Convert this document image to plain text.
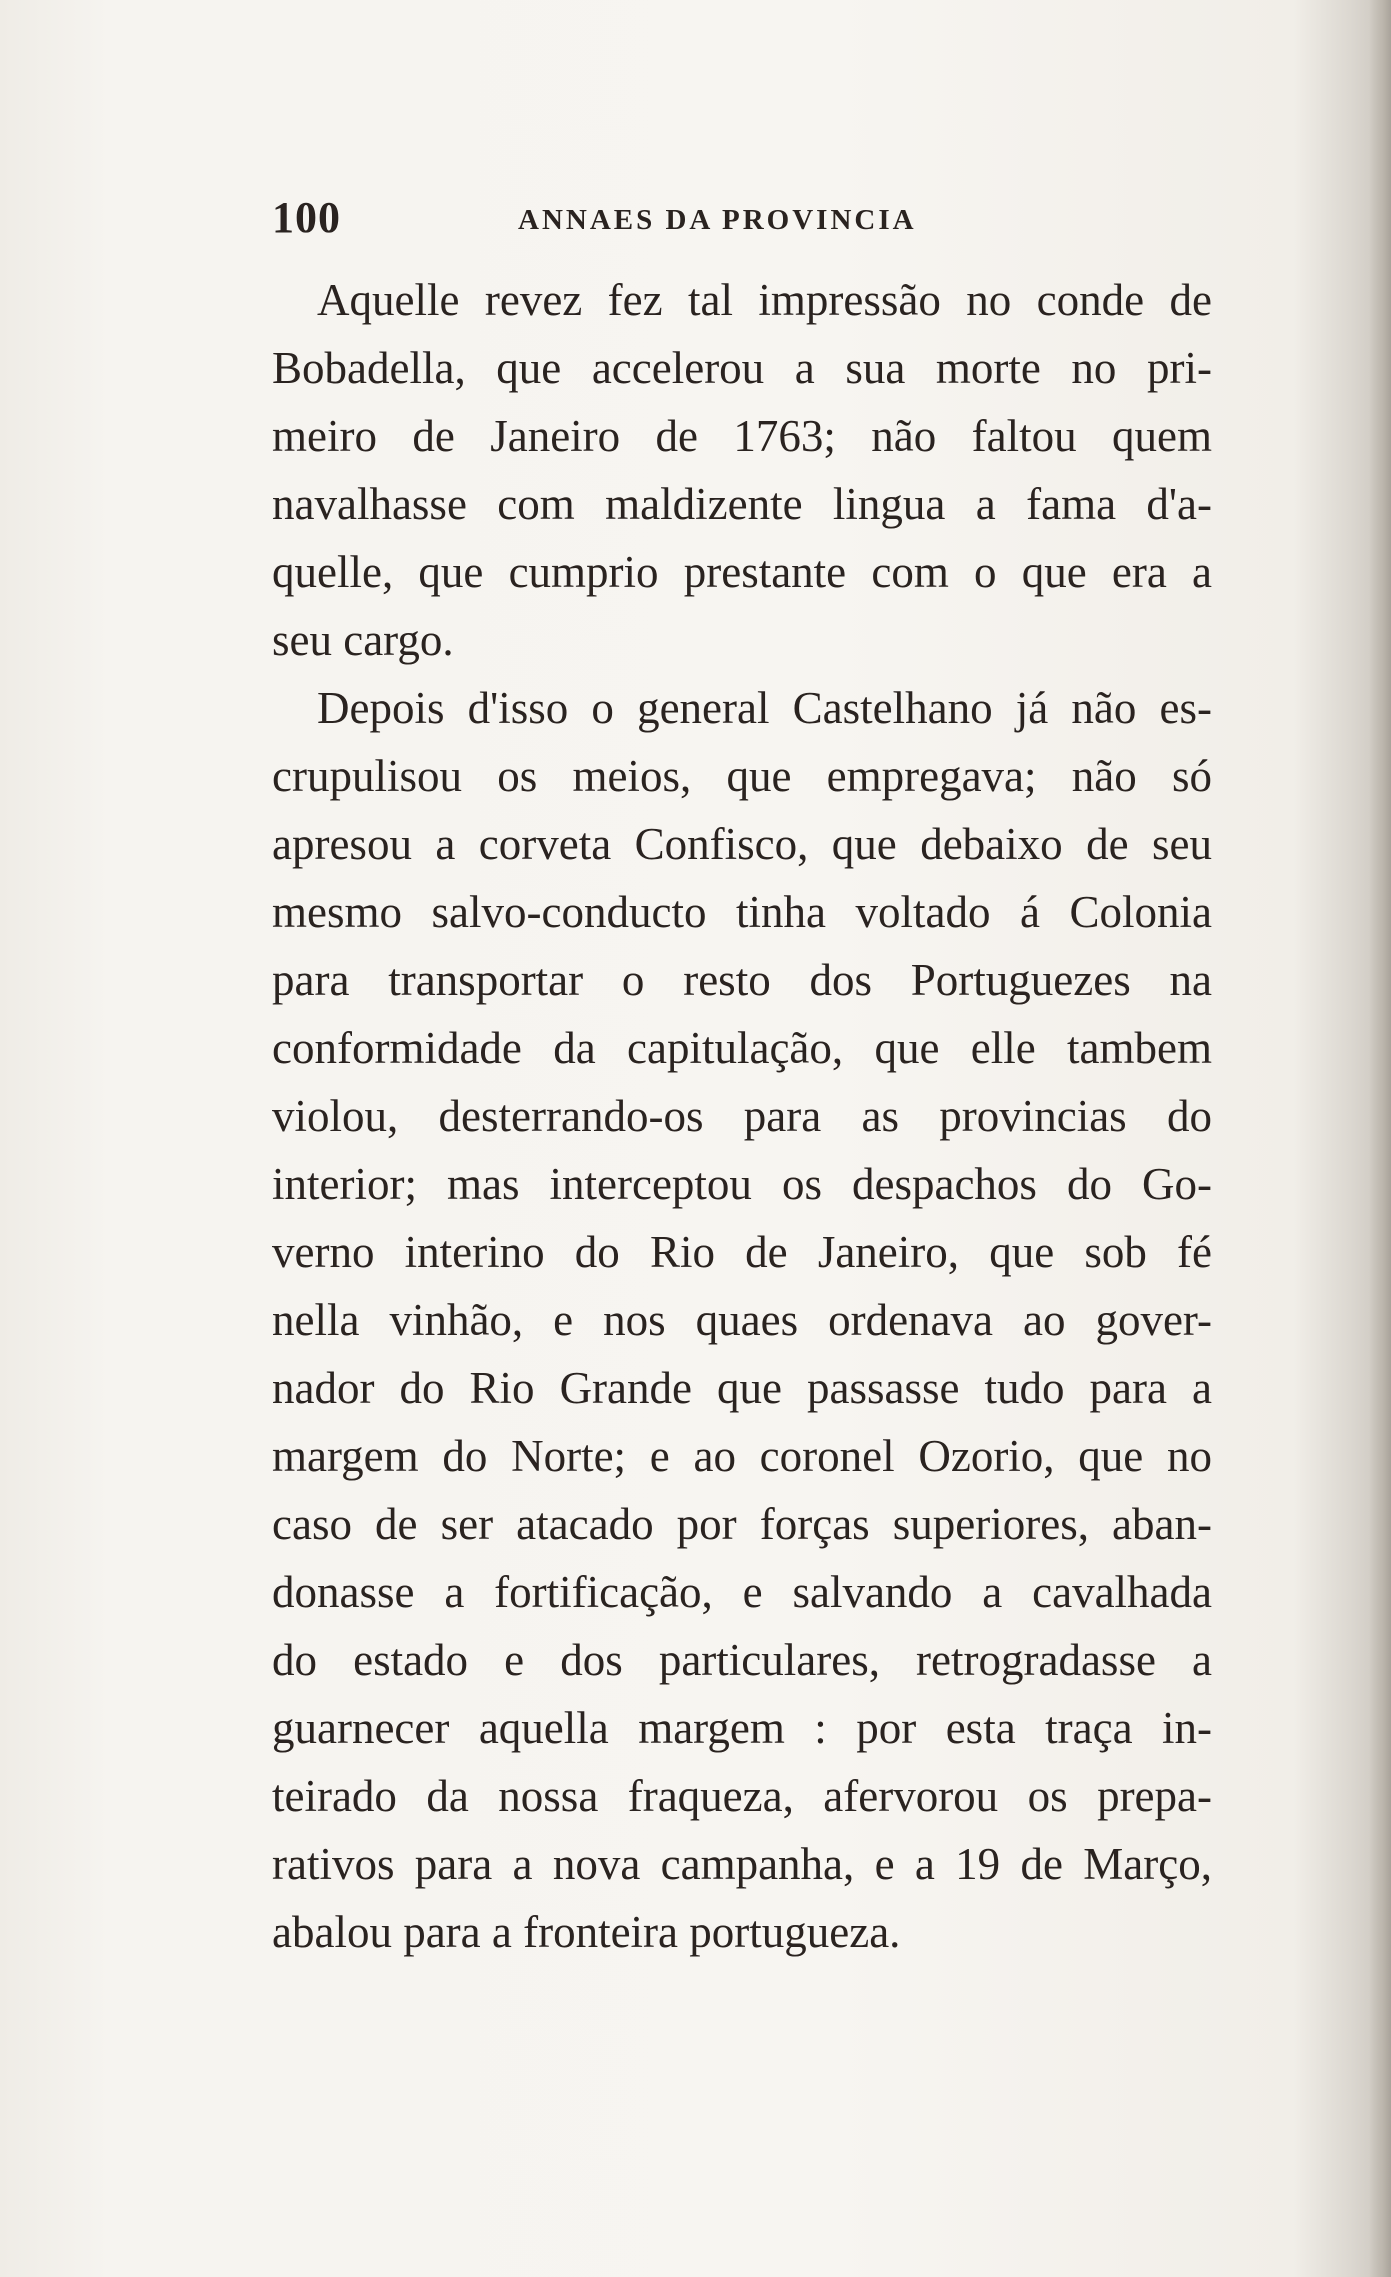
100	ANNAES DA PROVINCIA
Aquelle revez fez tal impressão no conde de
Bobadella, que accelerou a sua morte no pri-
meiro de Janeiro de 1763; não faltou quem
navalhasse com maldizente lingua a fama d'a-
quelle, que cumprio prestante com o que era a
seu cargo.
Depois d'isso o general Castelhano já não es-
crupulisou os meios, que empregava; não só
apresou a corveta Confisco, que debaixo de seu
mesmo salvo-conducto tinha voltado á Colonia
para transportar o resto dos Portuguezes na
conformidade da capitulação, que elle tambem
violou, desterrando-os para as provincias do
interior; mas interceptou os despachos do Go-
verno interino do Rio de Janeiro, que sob fé
nella vinhão, e nos quaes ordenava ao gover-
nador do Rio Grande que passasse tudo para a
margem do Norte; e ao coronel Ozorio, que no
caso de ser atacado por forças superiores, aban-
donasse a fortificação, e salvando a cavalhada
do estado e dos particulares, retrogradasse a
guarnecer aquella margem : por esta traça in-
teirado da nossa fraqueza, afervorou os prepa-
rativos para a nova campanha, e a 19 de Março,
abalou para a fronteira portugueza.
